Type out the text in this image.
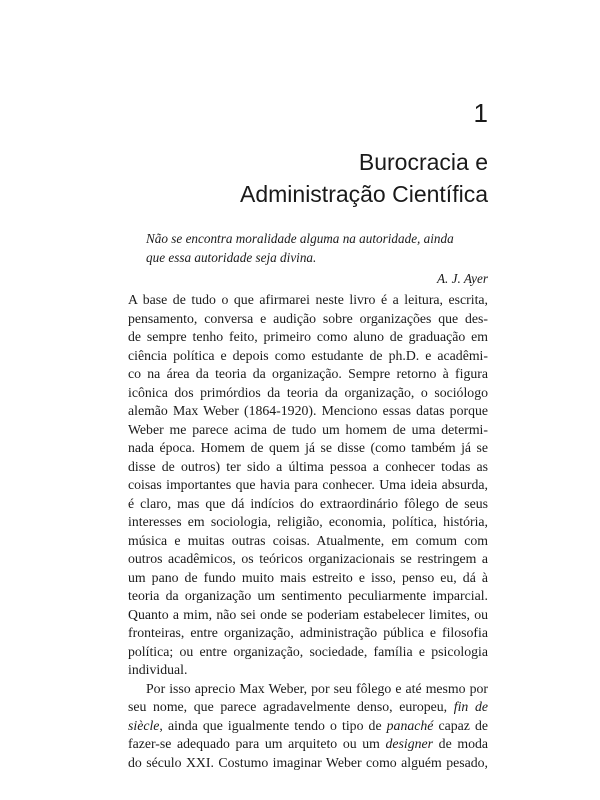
1
Burocracia e
Administração Científica
Não se encontra moralidade alguma na autoridade, ainda
que essa autoridade seja divina.
A. J. Ayer
A base de tudo o que afirmarei neste livro é a leitura, escrita,
pensamento, conversa e audição sobre organizações que des-
de sempre tenho feito, primeiro como aluno de graduação em
ciência política e depois como estudante de ph.D. e acadêmi-
co na área da teoria da organização. Sempre retorno à figura
icônica dos primórdios da teoria da organização, o sociólogo
alemão Max Weber (1864-1920). Menciono essas datas porque
Weber me parece acima de tudo um homem de uma determi-
nada época. Homem de quem já se disse (como também já se
disse de outros) ter sido a última pessoa a conhecer todas as
coisas importantes que havia para conhecer. Uma ideia absurda,
é claro, mas que dá indícios do extraordinário fôlego de seus
interesses em sociologia, religião, economia, política, história,
música e muitas outras coisas. Atualmente, em comum com
outros acadêmicos, os teóricos organizacionais se restringem a
um pano de fundo muito mais estreito e isso, penso eu, dá à
teoria da organização um sentimento peculiarmente imparcial.
Quanto a mim, não sei onde se poderiam estabelecer limites, ou
fronteiras, entre organização, administração pública e filosofia
política; ou entre organização, sociedade, família e psicologia
individual.
Por isso aprecio Max Weber, por seu fôlego e até mesmo por
seu nome, que parece agradavelmente denso, europeu, fin de
siècle, ainda que igualmente tendo o tipo de panaché capaz de
fazer-se adequado para um arquiteto ou um designer de moda
do século XXI. Costumo imaginar Weber como alguém pesado,
